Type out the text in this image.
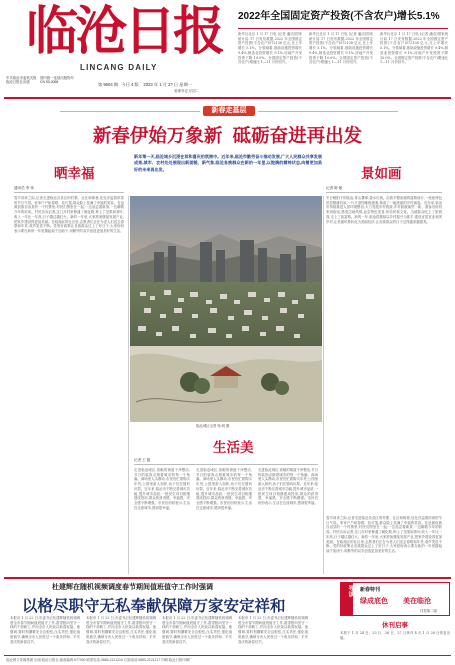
临沧日报
LINCANG DAILY
中共临沧市委机关报
临沧日报社出版
国内统一连续出版物号
CN 53-0058	第 9604 期 今日 4 版 2023 年 1 月 2? 日 星期一
癸卯年正月初二
2022年全国固定资产投资(不含农户)增长5.1%
新华社北京 1 月 17 日电 (记者 潘洁)国家统计局 17 日发布数据,2022 年全国固定资产投资(不含农户)572138 亿元,比上年增长 5.1%。分领域看,基础设施投资增长 9.4%,制造业投资增长 9.1%,房地产开发投资下降 10.0%。全国固定资产投资(不含农户)增速比 1—11 月份回升。
新华社北京 1 月 17 日电 (记者 潘洁)国家统计局 17 日发布数据,2022 年全国固定资产投资(不含农户)572138 亿元,比上年增长 5.1%。分领域看,基础设施投资增长 9.4%,制造业投资增长 9.1%,房地产开发投资下降 10.0%。全国固定资产投资(不含农户)增速比 1—11 月份回升。
新华社北京 1 月 17 日电 (记者 潘洁)国家统计局 17 日发布数据,2022 年全国固定资产投资(不含农户)572138 亿元,比上年增长 5.1%。分领域看,基础设施投资增长 9.4%,制造业投资增长 9.1%,房地产开发投资下降 10.0%。全国固定资产投资(不含农户)增速比 1—11 月份回升。
新春走基层
新春伊始万象新  砥砺奋进再出发
新年第一天,临沧城乡沉浸在祥和喜庆的氛围中。近年来,临沧市勤劳奋斗推动发展,广大人民群众共享发展成果,城市、农村处处展现出新面貌、新气象,临沧各族群众在新的一年里,以饱满的精神状态,向着更加美好的未来再出发。
晒幸福
通讯员 李 伟
春节到来之际,记者走进临沧各县区的村寨、社区和街巷,处处洋溢着浓浓的节日气氛。家家户户贴春联、挂灯笼,群众脸上挂满了幸福的笑容。在沧源佤族自治县的一个村寨里,村民们围坐在一起,一边品尝着新茶,一边聊着今年的收成。村民告诉记者,这几年村里修通了硬化路,种上了坚果和茶叶,收入一年比一年高,日子越过越红火。新的一年里,大家准备继续发展产业,把家乡建设得更加美丽。在临翔区的社区里,志愿者们正在为老人们送去春联和年货,欢声笑语不断。党的好政策让各族群众过上了好日子,大家纷纷表示要在新的一年里撸起袖子加油干,用勤劳的双手创造更加美好的生活。
景如画
记者 陈 敏
冬日暖阳下的临沧,青山叠翠,碧水长流。沿着平整宽阔的道路前行,一座座特色民居错落有致,一片片茶园郁郁葱葱,构成了一幅美丽的乡村画卷。近年来,临沧市持续推进人居环境整治,大力发展乡村旅游,乡村面貌焕然一新。游客们纷纷来到临沧,感受边地风情,品尝特色美食,体验民族文化。当地群众吃上了旅游饭,走上了致富路。新的一年,临沧将继续以乡村振兴为抓手,建设宜居宜业和美乡村,让美丽风景转化为美丽经济,让各族群众的日子过得越来越甜美。
春节到来之际,记者走进临沧各县区的村寨、社区和街巷,处处洋溢着浓浓的节日气氛。家家户户贴春联、挂灯笼,群众脸上挂满了幸福的笑容。在沧源佤族自治县的一个村寨里,村民们围坐在一起,一边品尝着新茶,一边聊着今年的收成。村民告诉记者,这几年村里修通了硬化路,种上了坚果和茶叶,收入一年比一年高,日子越过越红火。新的一年里,大家准备继续发展产业,把家乡建设得更加美丽。在临翔区的社区里,志愿者们正在为老人们送去春联和年货,欢声笑语不断。党的好政策让各族群众过上了好日子,大家纷纷表示要在新的一年里撸起袖子加油干,用勤劳的双手创造更加美好的生活。
临沧城区全景 杨 明 摄
生活美
记者 王 磊
走进临沧城区,宽敞的街道干净整洁,节日的装饰点缀着城市的每一个角落。商场里人头攒动,市民们忙着购买年货;公园里游人如织,孩子们在嬉戏玩耍。近年来,临沧市不断完善城市功能,提升城市品质,一批民生项目相继建成投用,群众的获得感、幸福感、安全感不断增强。市民们纷纷表示,生活在这座城市,感到很幸福。
走进临沧城区,宽敞的街道干净整洁,节日的装饰点缀着城市的每一个角落。商场里人头攒动,市民们忙着购买年货;公园里游人如织,孩子们在嬉戏玩耍。近年来,临沧市不断完善城市功能,提升城市品质,一批民生项目相继建成投用,群众的获得感、幸福感、安全感不断增强。市民们纷纷表示,生活在这座城市,感到很幸福。
走进临沧城区,宽敞的街道干净整洁,节日的装饰点缀着城市的每一个角落。商场里人头攒动,市民们忙着购买年货;公园里游人如织,孩子们在嬉戏玩耍。近年来,临沧市不断完善城市功能,提升城市品质,一批民生项目相继建成投用,群众的获得感、幸福感、安全感不断增强。市民们纷纷表示,生活在这座城市,感到很幸福。
杜建辉在随机视频调度春节期间值班值守工作时强调
以格尽职守无私奉献保障万家安定祥和
本报讯 1 月 22 日,市委书记杜建辉随机视频调度全市春节期间值班值守工作,看望慰问坚守一线的干部职工,并向全市人民致以新春祝福。他强调,要时刻绷紧安全这根弦,压实责任,强化值班值守,确保全市人民度过一个欢乐祥和、平安喜庆的新春佳节。
本报讯 1 月 22 日,市委书记杜建辉随机视频调度全市春节期间值班值守工作,看望慰问坚守一线的干部职工,并向全市人民致以新春祝福。他强调,要时刻绷紧安全这根弦,压实责任,强化值班值守,确保全市人民度过一个欢乐祥和、平安喜庆的新春佳节。
本报讯 1 月 22 日,市委书记杜建辉随机视频调度全市春节期间值班值守工作,看望慰问坚守一线的干部职工,并向全市人民致以新春祝福。他强调,要时刻绷紧安全这根弦,压实责任,强化值班值守,确保全市人民度过一个欢乐祥和、平安喜庆的新春佳节。
本报讯 1 月 22 日,市委书记杜建辉随机视频调度全市春节期间值班值守工作,看望慰问坚守一线的干部职工,并向全市人民致以新春祝福。他强调,要时刻绷紧安全这根弦,压实责任,强化值班值守,确保全市人民度过一个欢乐祥和、平安喜庆的新春佳节。
导读 新春特刊
绿成底色 美在临沧
详见第二版
休刊启事
本报于 1 月 24 日、25 日、26 日、27 日休刊 4 天,1 月 28 日恢复出版。
临沧网文传媒集团 出版:临沧日报社 邮政编码:677000 联系电话:0883-2121215 订阅电话:0883-2121217 印刷:临沧日报印刷厂
